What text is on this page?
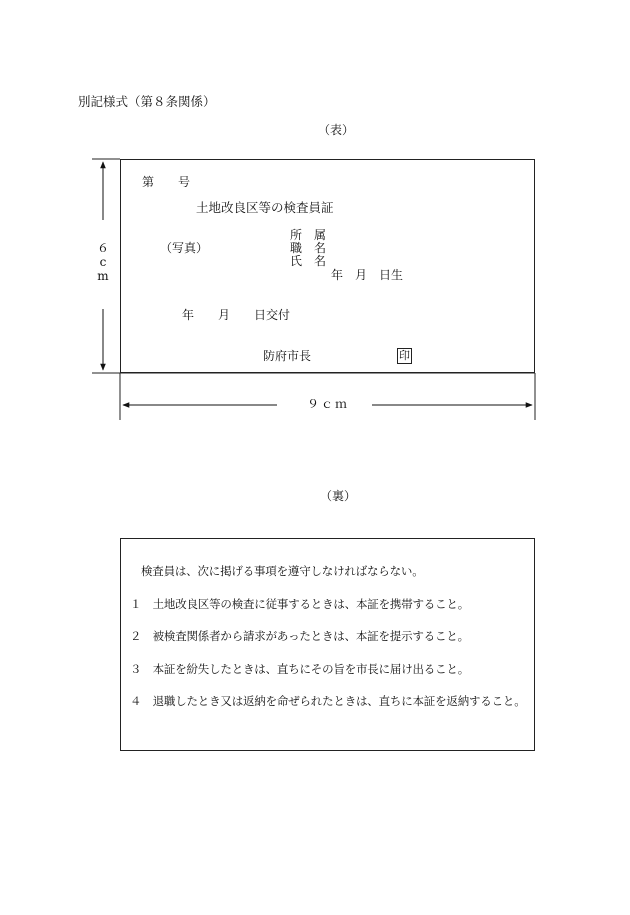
別記様式（第８条関係）
（表）
第　　号
土地改良区等の検査員証
（写真）
所　属
職　名
氏　名
年　月　日生
年　　月　　日交付
防府市長	印
６
c
m
９ｃｍ
（裏）
検査員は、次に掲げる事項を遵守しなければならない。
１　土地改良区等の検査に従事するときは、本証を携帯すること。
２　被検査関係者から請求があったときは、本証を提示すること。
３　本証を紛失したときは、直ちにその旨を市長に届け出ること。
４　退職したとき又は返納を命ぜられたときは、直ちに本証を返納すること。
